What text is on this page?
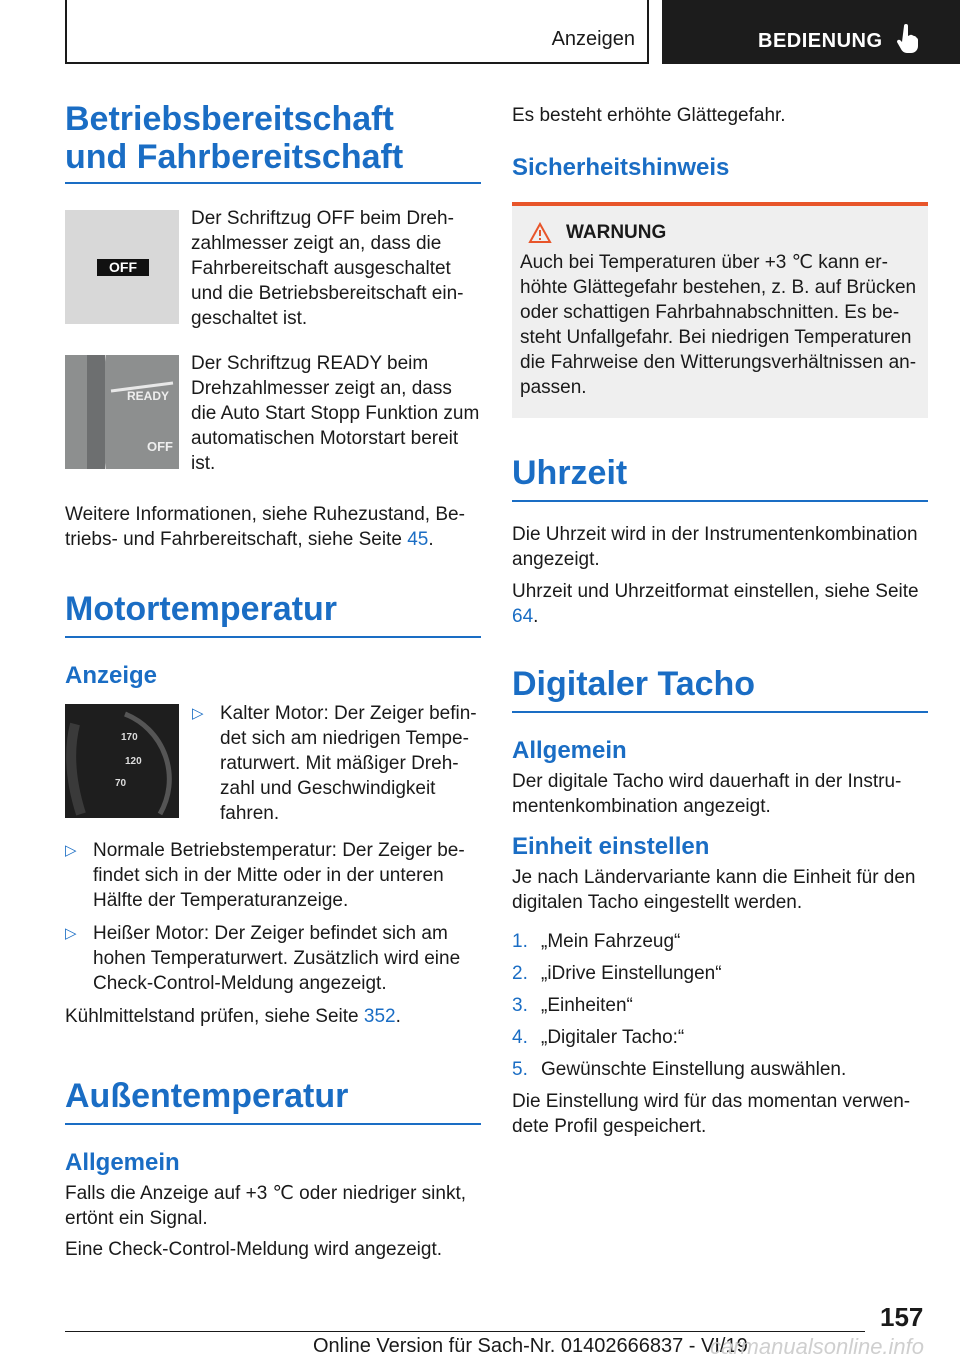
Anzeigen	BEDIENUNG
Betriebsbereitschaft und Fahrbereitschaft
OFF

Der Schriftzug OFF beim Dreh-zahlmesser zeigt an, dass die Fahrbereitschaft ausgeschaltet und die Betriebsbereitschaft ein-geschaltet ist.

READY
OFF

Der Schriftzug READY beim Drehzahlmesser zeigt an, dass die Auto Start Stopp Funktion zum automatischen Motorstart bereit ist.

Weitere Informationen, siehe Ruhezustand, Be-triebs- und Fahrbereitschaft, siehe Seite 45.

Motortemperatur
Anzeige
170
120
70
▷ Kalter Motor: Der Zeiger befin-det sich am niedrigen Tempe-raturwert. Mit mäßiger Dreh-zahl und Geschwindigkeit fahren.
▷ Normale Betriebstemperatur: Der Zeiger be-findet sich in der Mitte oder in der unteren Hälfte der Temperaturanzeige.
▷ Heißer Motor: Der Zeiger befindet sich am hohen Temperaturwert. Zusätzlich wird eine Check-Control-Meldung angezeigt.

Kühlmittelstand prüfen, siehe Seite 352.

Außentemperatur
Allgemein

Falls die Anzeige auf +3 ℃ oder niedriger sinkt, ertönt ein Signal.

Eine Check-Control-Meldung wird angezeigt.

Es besteht erhöhte Glättegefahr.

Sicherheitshinweis
WARNUNG

Auch bei Temperaturen über +3 ℃ kann er-höhte Glättegefahr bestehen, z. B. auf Brücken oder schattigen Fahrbahnabschnitten. Es be-steht Unfallgefahr. Bei niedrigen Temperaturen die Fahrweise den Witterungsverhältnissen an-passen.

Uhrzeit

Die Uhrzeit wird in der Instrumentenkombination angezeigt.

Uhrzeit und Uhrzeitformat einstellen, siehe Seite 64.

Digitaler Tacho
Allgemein

Der digitale Tacho wird dauerhaft in der Instru-mentenkombination angezeigt.

Einheit einstellen

Je nach Ländervariante kann die Einheit für den digitalen Tacho eingestellt werden.

1. „Mein Fahrzeug“
2. „iDrive Einstellungen“
3. „Einheiten“
4. „Digitaler Tacho:“
5. Gewünschte Einstellung auswählen.

Die Einstellung wird für das momentan verwen-dete Profil gespeichert.

157
Online Version für Sach-Nr. 01402666837 - VI/19
carmanualsonline.info
